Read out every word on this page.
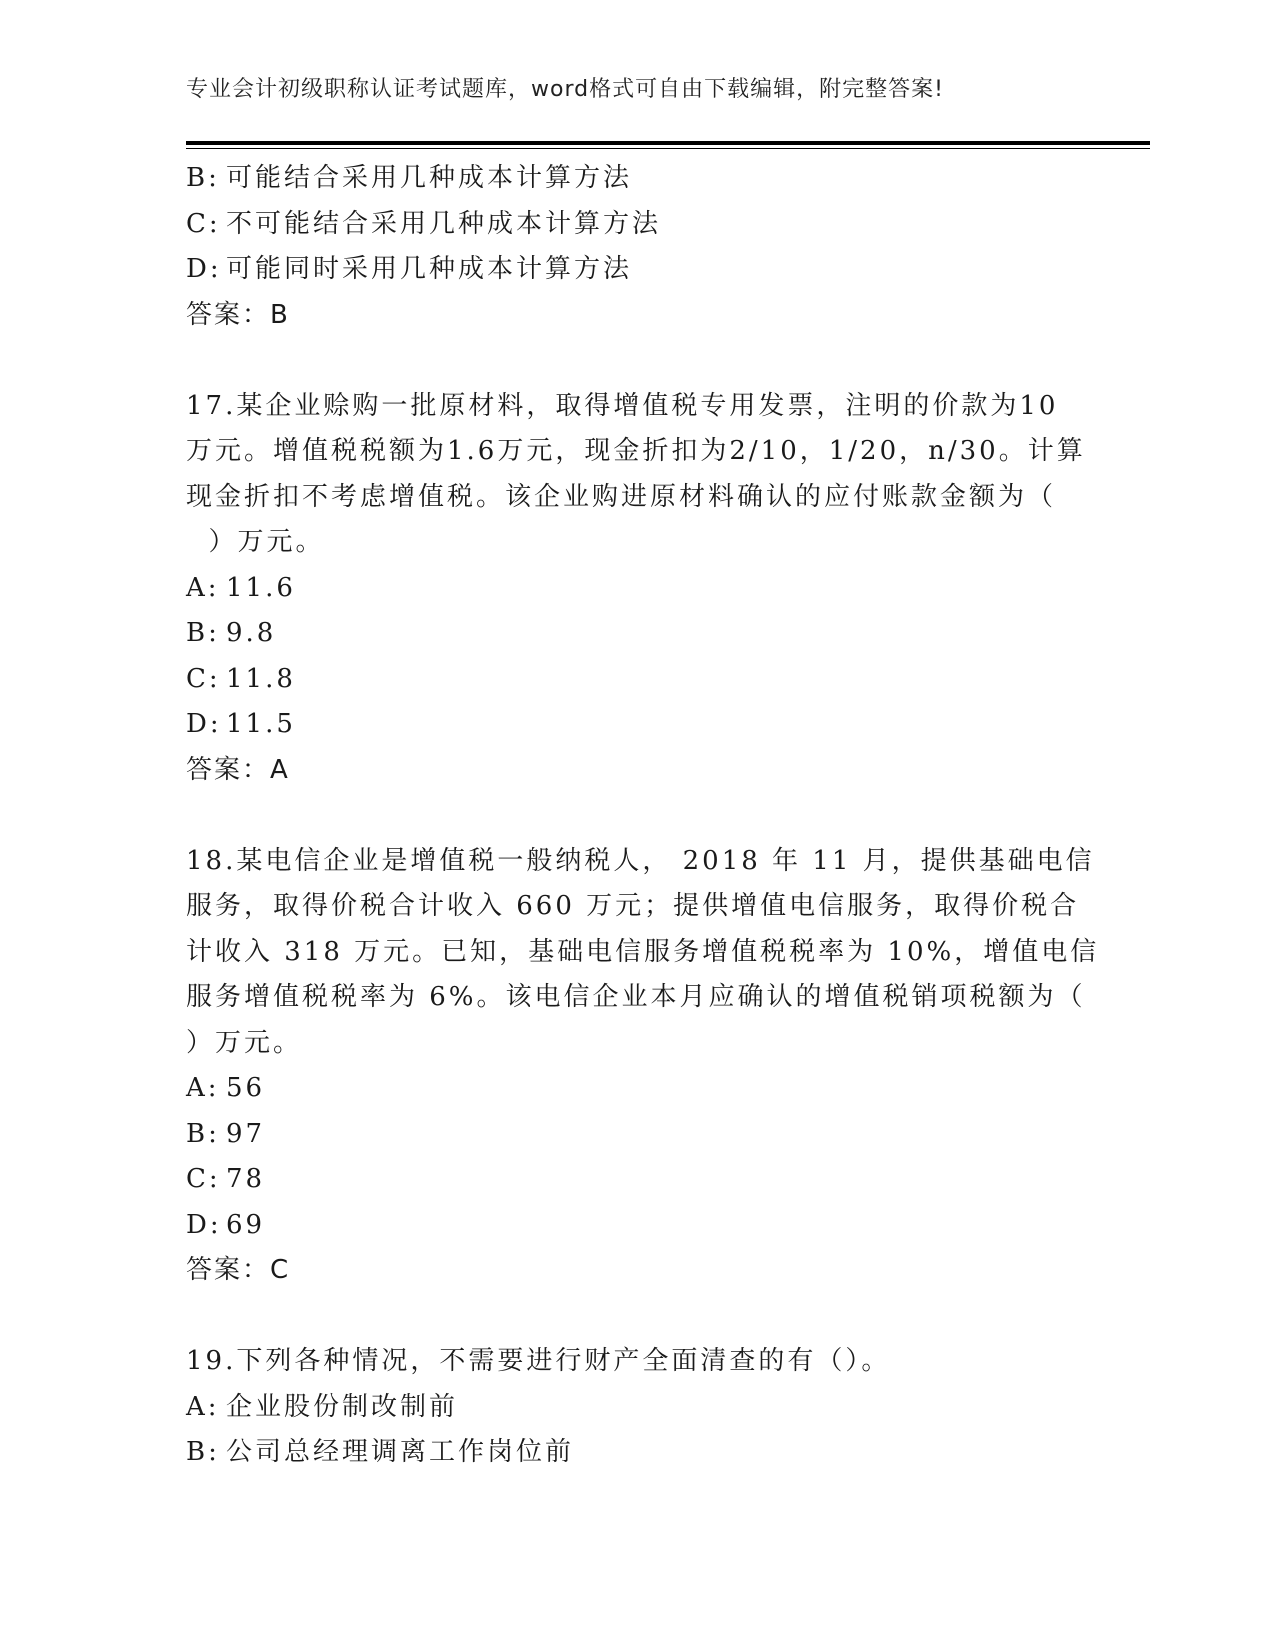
专业会计初级职称认证考试题库，word格式可自由下载编辑，附完整答案!
B: 可能结合采用几种成本计算方法
C: 不可能结合采用几种成本计算方法
D: 可能同时采用几种成本计算方法
答案：B
17.某企业赊购一批原材料，取得增值税专用发票，注明的价款为10
万元。增值税税额为1.6万元，现金折扣为2/10，1/20，n/30。计算
现金折扣不考虑增值税。该企业购进原材料确认的应付账款金额为（
）万元。
A: 11.6
B: 9.8
C: 11.8
D: 11.5
答案：A
18.某电信企业是增值税一般纳税人， 2018 年 11 月，提供基础电信
服务，取得价税合计收入 660 万元；提供增值电信服务，取得价税合
计收入 318 万元。已知，基础电信服务增值税税率为 10%，增值电信
服务增值税税率为 6%。该电信企业本月应确认的增值税销项税额为（
）万元。
A: 56
B: 97
C: 78
D: 69
答案：C
19.下列各种情况，不需要进行财产全面清查的有（）。
A: 企业股份制改制前
B: 公司总经理调离工作岗位前
